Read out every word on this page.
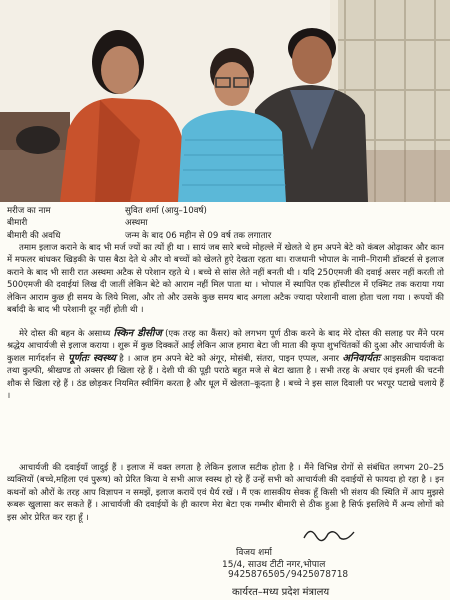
मरीज का नाम	सुवित शर्मा (आयु–10वर्ष)
बीमारी	अस्थमा
बीमारी की अवधि	जन्म के बाद 06 महीन से 09 वर्ष तक लगातार

तमाम इलाज कराने के बाद भी मर्ज ज्यों का त्यों ही था । सायं जब सारे बच्चे मोहल्ले में खेलते थे हम अपने बेटे को कंबल ओढ़ाकर और कान में मफलर बांधकर खिड़की के पास बैठा देते थे और वो बच्चों को खेलते हुऐ देखता रहता था। राजधानी भोपाल के नामी–गिरामी डॉक्टर्स से इलाज कराने के बाद भी सारी रात अस्थमा अटैक से परेशान रहते थे । बच्चे से सांस लेते नहीं बनती थी । यदि 250एमजी की दवाई असर नहीं करती तो 500एमजी की दवाईयां लिख दी जातीं लेकिन बेटे को आराम नहीं मिल पाता था । भोपाल में स्थापित एक हॉस्पीटल में एक्मिट तक कराया गया लेकिन आराम कुछ ही समय के लिये मिला, और तो और उसके कुछ समय बाद अगला अटैक ज्यादा परेशानी वाला होता चला गया । रूपयों की बर्बादी के बाद भी परेशानी दूर नहीं होती थी ।

मेरे दोस्त की बहन के असाध्य स्किन डीसीज (एक तरह का कैंसर) को लगभग पूर्ण ठीक करने के बाद मेरे दोस्त की सलाह पर मैंने परम श्रद्धेय आचार्यजी से इलाज कराया । शुरू में कुछ दिक्कतें आईं लेकिन आज हमारा बेटा जी माता की कृपा शुभचिंतकों की दुआ और आचार्यजी के कुशल मार्गदर्शन से पूर्णतः स्वस्थ्य है । आज हम अपने बेटे को अंगूर, मोसंबी, संतरा, पाइन एप्पल, अनार अनिवार्यतः आइसक्रीम यदाकदा तथा कुल्फी, श्रीखण्ड तो अक्सर ही खिला रहे हैं । देशी घी की पूड़ी पराठे बहुत मजे से बेटा खाता है । सभी तरह के अचार एवं इमली की चटनी शौक से खिला रहे हैं । ठंड छोड़कर नियमित स्वीमिंग करता है और धूल में खेलता–कूदता है । बच्चे ने इस साल दिवाली पर भरपूर पटाखे चलाये हैं ।

आचार्यजी की दवाईयाँ जादुई हैं । इलाज में वक्त लगता है लेकिन इलाज सटीक होता है । मैंने विभिन्न रोगों से संबंधित लगभग 20–25 व्यक्तियों (बच्चे,महिला एवं पुरूष) को प्रेरित किया वे सभी आज स्वस्थ हो रहे हैं उन्हें सभी को आचार्यजी की दवाईयों से फायदा हो रहा है । इन कथनों को औरों के तरह आप विज्ञापन न समझें, इलाज करायें एवं धैर्य रखें । मैं एक शासकीय सेवक हूँ किसी भी संशय की स्थिति में आप मुझसे रूबरू खुलासा कर सकते हैं । आचार्यजी की दवाईयों के ही कारण मेरा बेटा एक गम्भीर बीमारी से ठीक हुआ है सिर्फ इसलिये मैं अन्य लोगों को इस ओर प्रेरित कर रहा हूँ ।

विजय शर्मा
15/4, साउथ टीटी नगर,भोपाल
9425876505/9425078718
कार्यरत–मध्य प्रदेश मंत्रालय
